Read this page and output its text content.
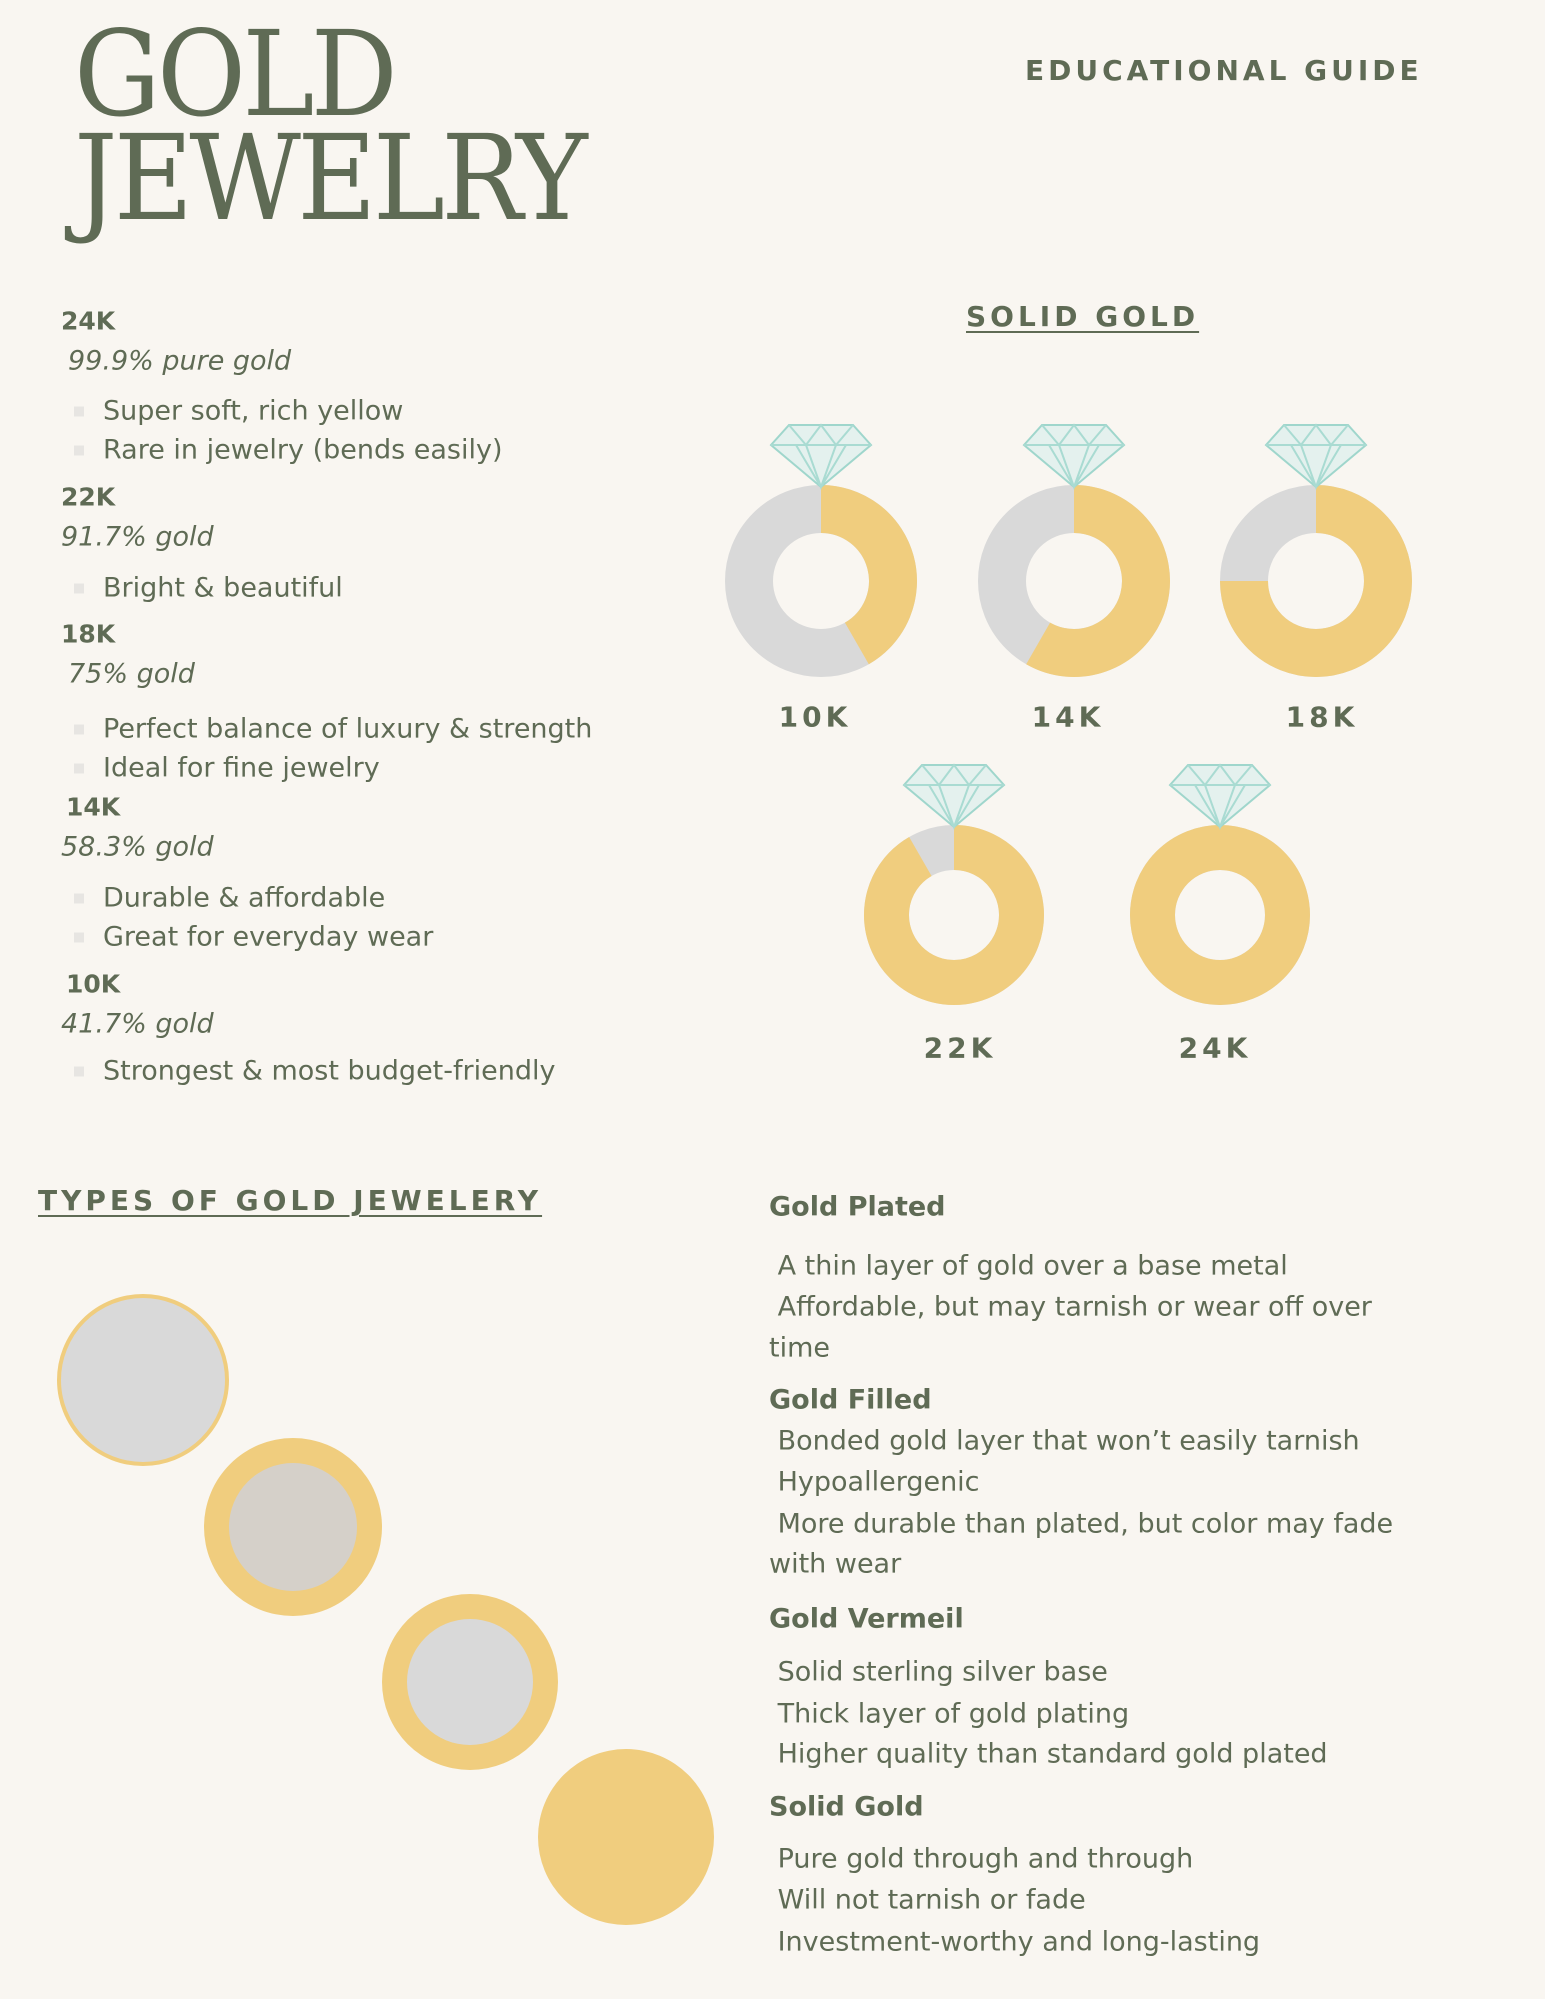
GOLD
JEWELRY
EDUCATIONAL GUIDE
24K
99.9% pure gold
Super soft, rich yellow
Rare in jewelry (bends easily)
22K
91.7% gold
Bright & beautiful
18K
75% gold
Perfect balance of luxury & strength
Ideal for fine jewelry
14K
58.3% gold
Durable & affordable
Great for everyday wear
10K
41.7% gold
Strongest & most budget-friendly
SOLID GOLD
10K	14K	18K
22K	24K
TYPES OF GOLD JEWELERY	Gold Plated
A thin layer of gold over a base metal
Affordable, but may tarnish or wear off over
time
Gold Filled
Bonded gold layer that won’t easily tarnish
Hypoallergenic
More durable than plated, but color may fade
with wear
Gold Vermeil
Solid sterling silver base
Thick layer of gold plating
Higher quality than standard gold plated
Solid Gold
Pure gold through and through
Will not tarnish or fade
Investment-worthy and long-lasting
